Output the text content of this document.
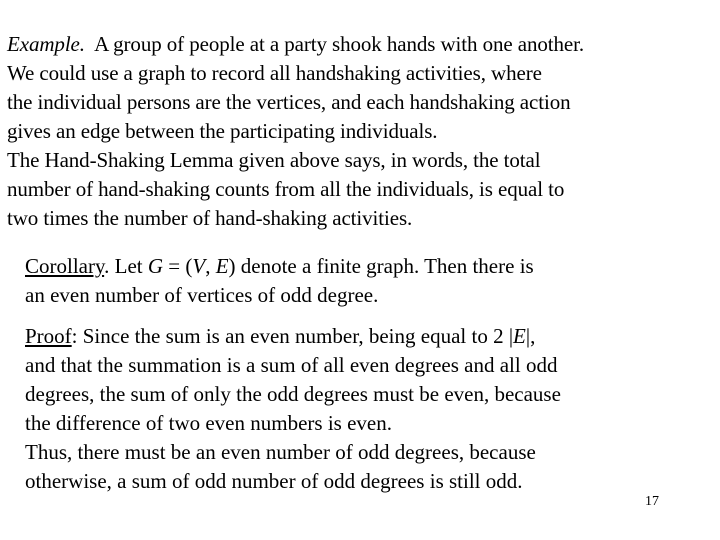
Example. A group of people at a party shook hands with one another.
We could use a graph to record all handshaking activities, where
the individual persons are the vertices, and each handshaking action
gives an edge between the participating individuals.
The Hand-Shaking Lemma given above says, in words, the total
number of hand-shaking counts from all the individuals, is equal to
two times the number of hand-shaking activities.
Corollary. Let G = (V, E) denote a finite graph. Then there is
an even number of vertices of odd degree.
Proof: Since the sum is an even number, being equal to 2 |E|,
and that the summation is a sum of all even degrees and all odd
degrees, the sum of only the odd degrees must be even, because
the difference of two even numbers is even.
Thus, there must be an even number of odd degrees, because
otherwise, a sum of odd number of odd degrees is still odd.
17
